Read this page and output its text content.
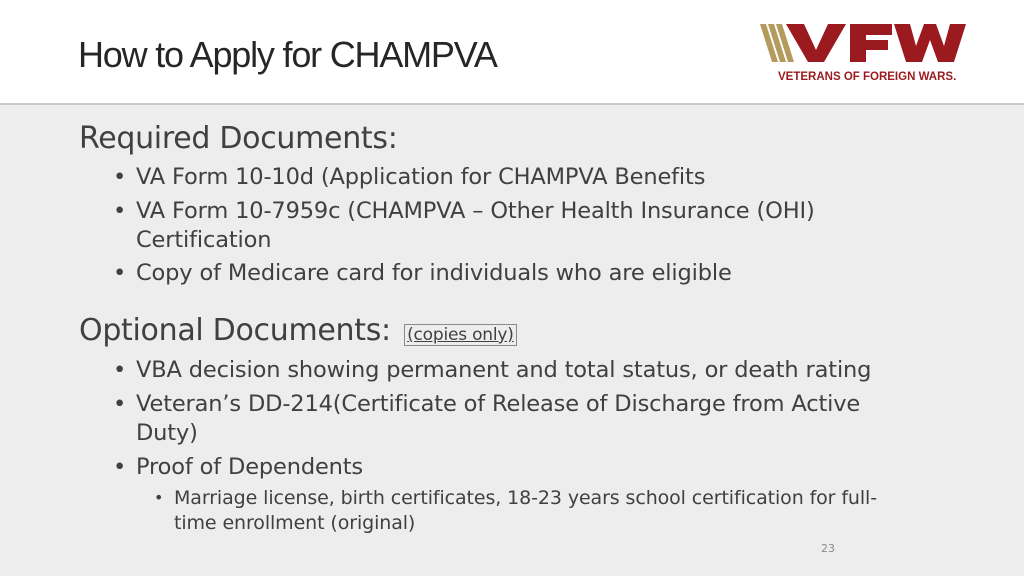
How to Apply for CHAMPVA
VETERANS OF FOREIGN WARS.
Required Documents:
• VA Form 10-10d (Application for CHAMPVA Benefits
• VA Form 10-7959c (CHAMPVA – Other Health Insurance (OHI)
Certification
• Copy of Medicare card for individuals who are eligible
Optional Documents: (copies only)
• VBA decision showing permanent and total status, or death rating
• Veteran’s DD-214(Certificate of Release of Discharge from Active
Duty)
• Proof of Dependents
• Marriage license, birth certificates, 18-23 years school certification for full-
time enrollment (original)
23
